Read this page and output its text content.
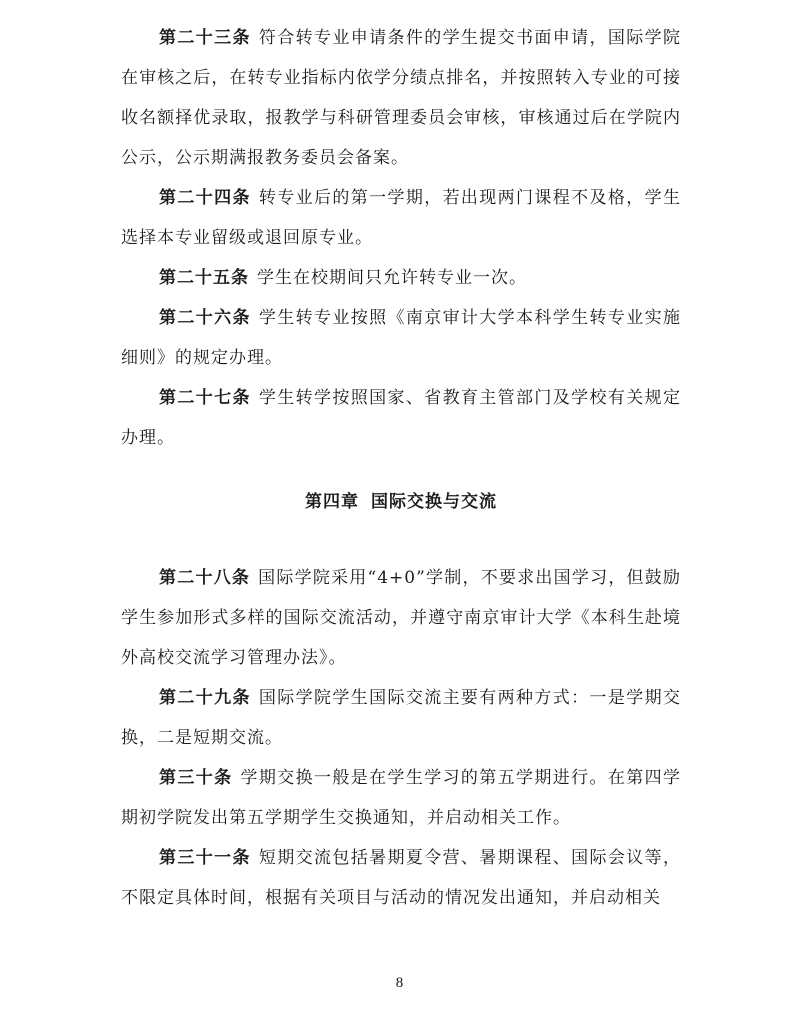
第二十三条 符合转专业申请条件的学生提交书面申请，国际学院在审核之后，在转专业指标内依学分绩点排名，并按照转入专业的可接收名额择优录取，报教学与科研管理委员会审核，审核通过后在学院内公示，公示期满报教务委员会备案。

第二十四条 转专业后的第一学期，若出现两门课程不及格，学生选择本专业留级或退回原专业。

第二十五条 学生在校期间只允许转专业一次。

第二十六条 学生转专业按照《南京审计大学本科学生转专业实施细则》的规定办理。

第二十七条 学生转学按照国家、省教育主管部门及学校有关规定办理。

第四章 国际交换与交流

第二十八条 国际学院采用“4+0”学制，不要求出国学习，但鼓励学生参加形式多样的国际交流活动，并遵守南京审计大学《本科生赴境外高校交流学习管理办法》。

第二十九条 国际学院学生国际交流主要有两种方式：一是学期交换，二是短期交流。

第三十条 学期交换一般是在学生学习的第五学期进行。在第四学期初学院发出第五学期学生交换通知，并启动相关工作。

第三十一条 短期交流包括暑期夏令营、暑期课程、国际会议等，不限定具体时间，根据有关项目与活动的情况发出通知，并启动相关

8
